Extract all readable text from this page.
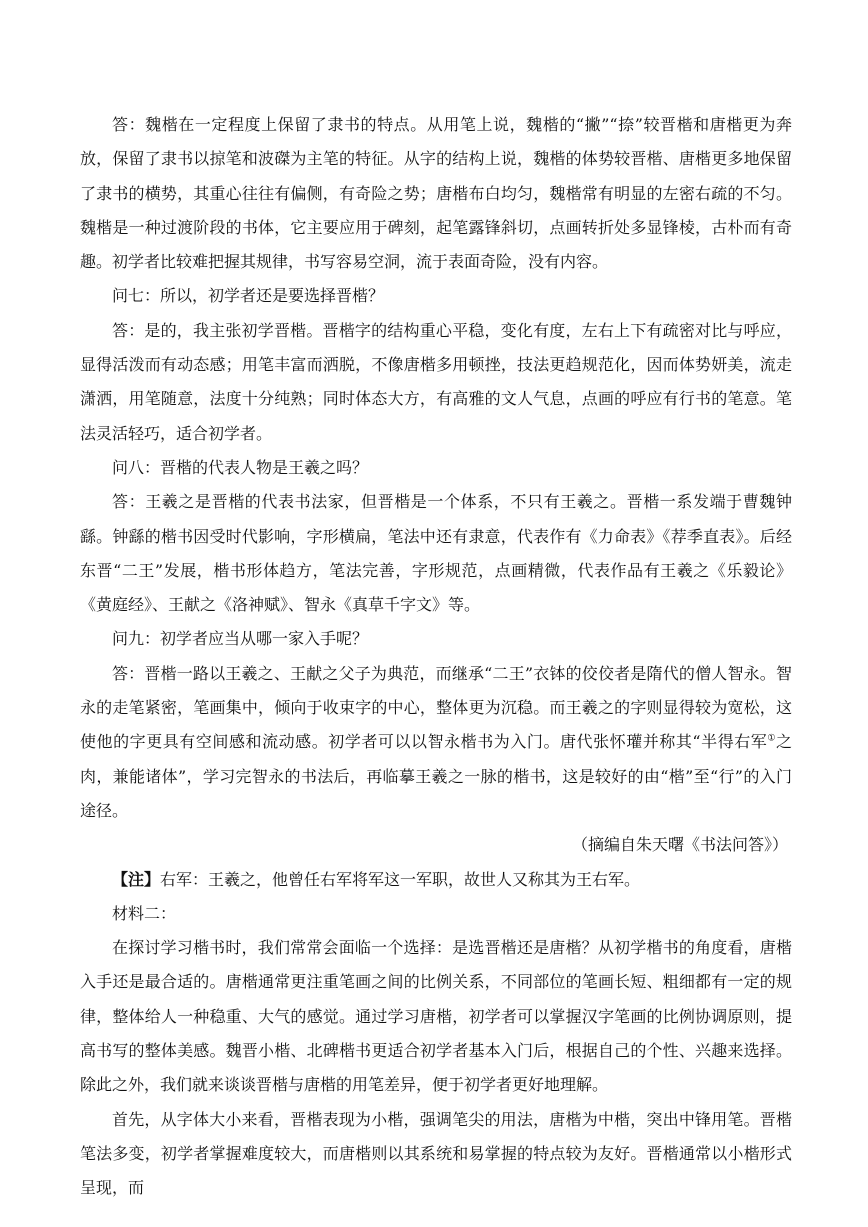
答：魏楷在一定程度上保留了隶书的特点。从用笔上说，魏楷的“撇”“捺”较晋楷和唐楷更为奔放，保留了隶书以掠笔和波磔为主笔的特征。从字的结构上说，魏楷的体势较晋楷、唐楷更多地保留了隶书的横势，其重心往往有偏侧，有奇险之势；唐楷布白均匀，魏楷常有明显的左密右疏的不匀。魏楷是一种过渡阶段的书体，它主要应用于碑刻，起笔露锋斜切，点画转折处多显锋棱，古朴而有奇趣。初学者比较难把握其规律，书写容易空洞，流于表面奇险，没有内容。

问七：所以，初学者还是要选择晋楷？

答：是的，我主张初学晋楷。晋楷字的结构重心平稳，变化有度，左右上下有疏密对比与呼应，显得活泼而有动态感；用笔丰富而洒脱，不像唐楷多用顿挫，技法更趋规范化，因而体势妍美，流走潇洒，用笔随意，法度十分纯熟；同时体态大方，有高雅的文人气息，点画的呼应有行书的笔意。笔法灵活轻巧，适合初学者。

问八：晋楷的代表人物是王羲之吗？

答：王羲之是晋楷的代表书法家，但晋楷是一个体系，不只有王羲之。晋楷一系发端于曹魏钟繇。钟繇的楷书因受时代影响，字形横扁，笔法中还有隶意，代表作有《力命表》《荐季直表》。后经东晋“二王”发展，楷书形体趋方，笔法完善，字形规范，点画精微，代表作品有王羲之《乐毅论》《黄庭经》、王献之《洛神赋》、智永《真草千字文》等。

问九：初学者应当从哪一家入手呢？

答：晋楷一路以王羲之、王献之父子为典范，而继承“二王”衣钵的佼佼者是隋代的僧人智永。智永的走笔紧密，笔画集中，倾向于收束字的中心，整体更为沉稳。而王羲之的字则显得较为宽松，这使他的字更具有空间感和流动感。初学者可以以智永楷书为入门。唐代张怀瓘并称其“半得右军①之肉，兼能诸体”，学习完智永的书法后，再临摹王羲之一脉的楷书，这是较好的由“楷”至“行”的入门途径。

（摘编自朱天曙《书法问答》）

【注】右军：王羲之，他曾任右军将军这一军职，故世人又称其为王右军。

材料二：

在探讨学习楷书时，我们常常会面临一个选择：是选晋楷还是唐楷？从初学楷书的角度看，唐楷入手还是最合适的。唐楷通常更注重笔画之间的比例关系，不同部位的笔画长短、粗细都有一定的规律，整体给人一种稳重、大气的感觉。通过学习唐楷，初学者可以掌握汉字笔画的比例协调原则，提高书写的整体美感。魏晋小楷、北碑楷书更适合初学者基本入门后，根据自己的个性、兴趣来选择。除此之外，我们就来谈谈晋楷与唐楷的用笔差异，便于初学者更好地理解。

首先，从字体大小来看，晋楷表现为小楷，强调笔尖的用法，唐楷为中楷，突出中锋用笔。晋楷笔法多变，初学者掌握难度较大，而唐楷则以其系统和易掌握的特点较为友好。晋楷通常以小楷形式呈现，而
